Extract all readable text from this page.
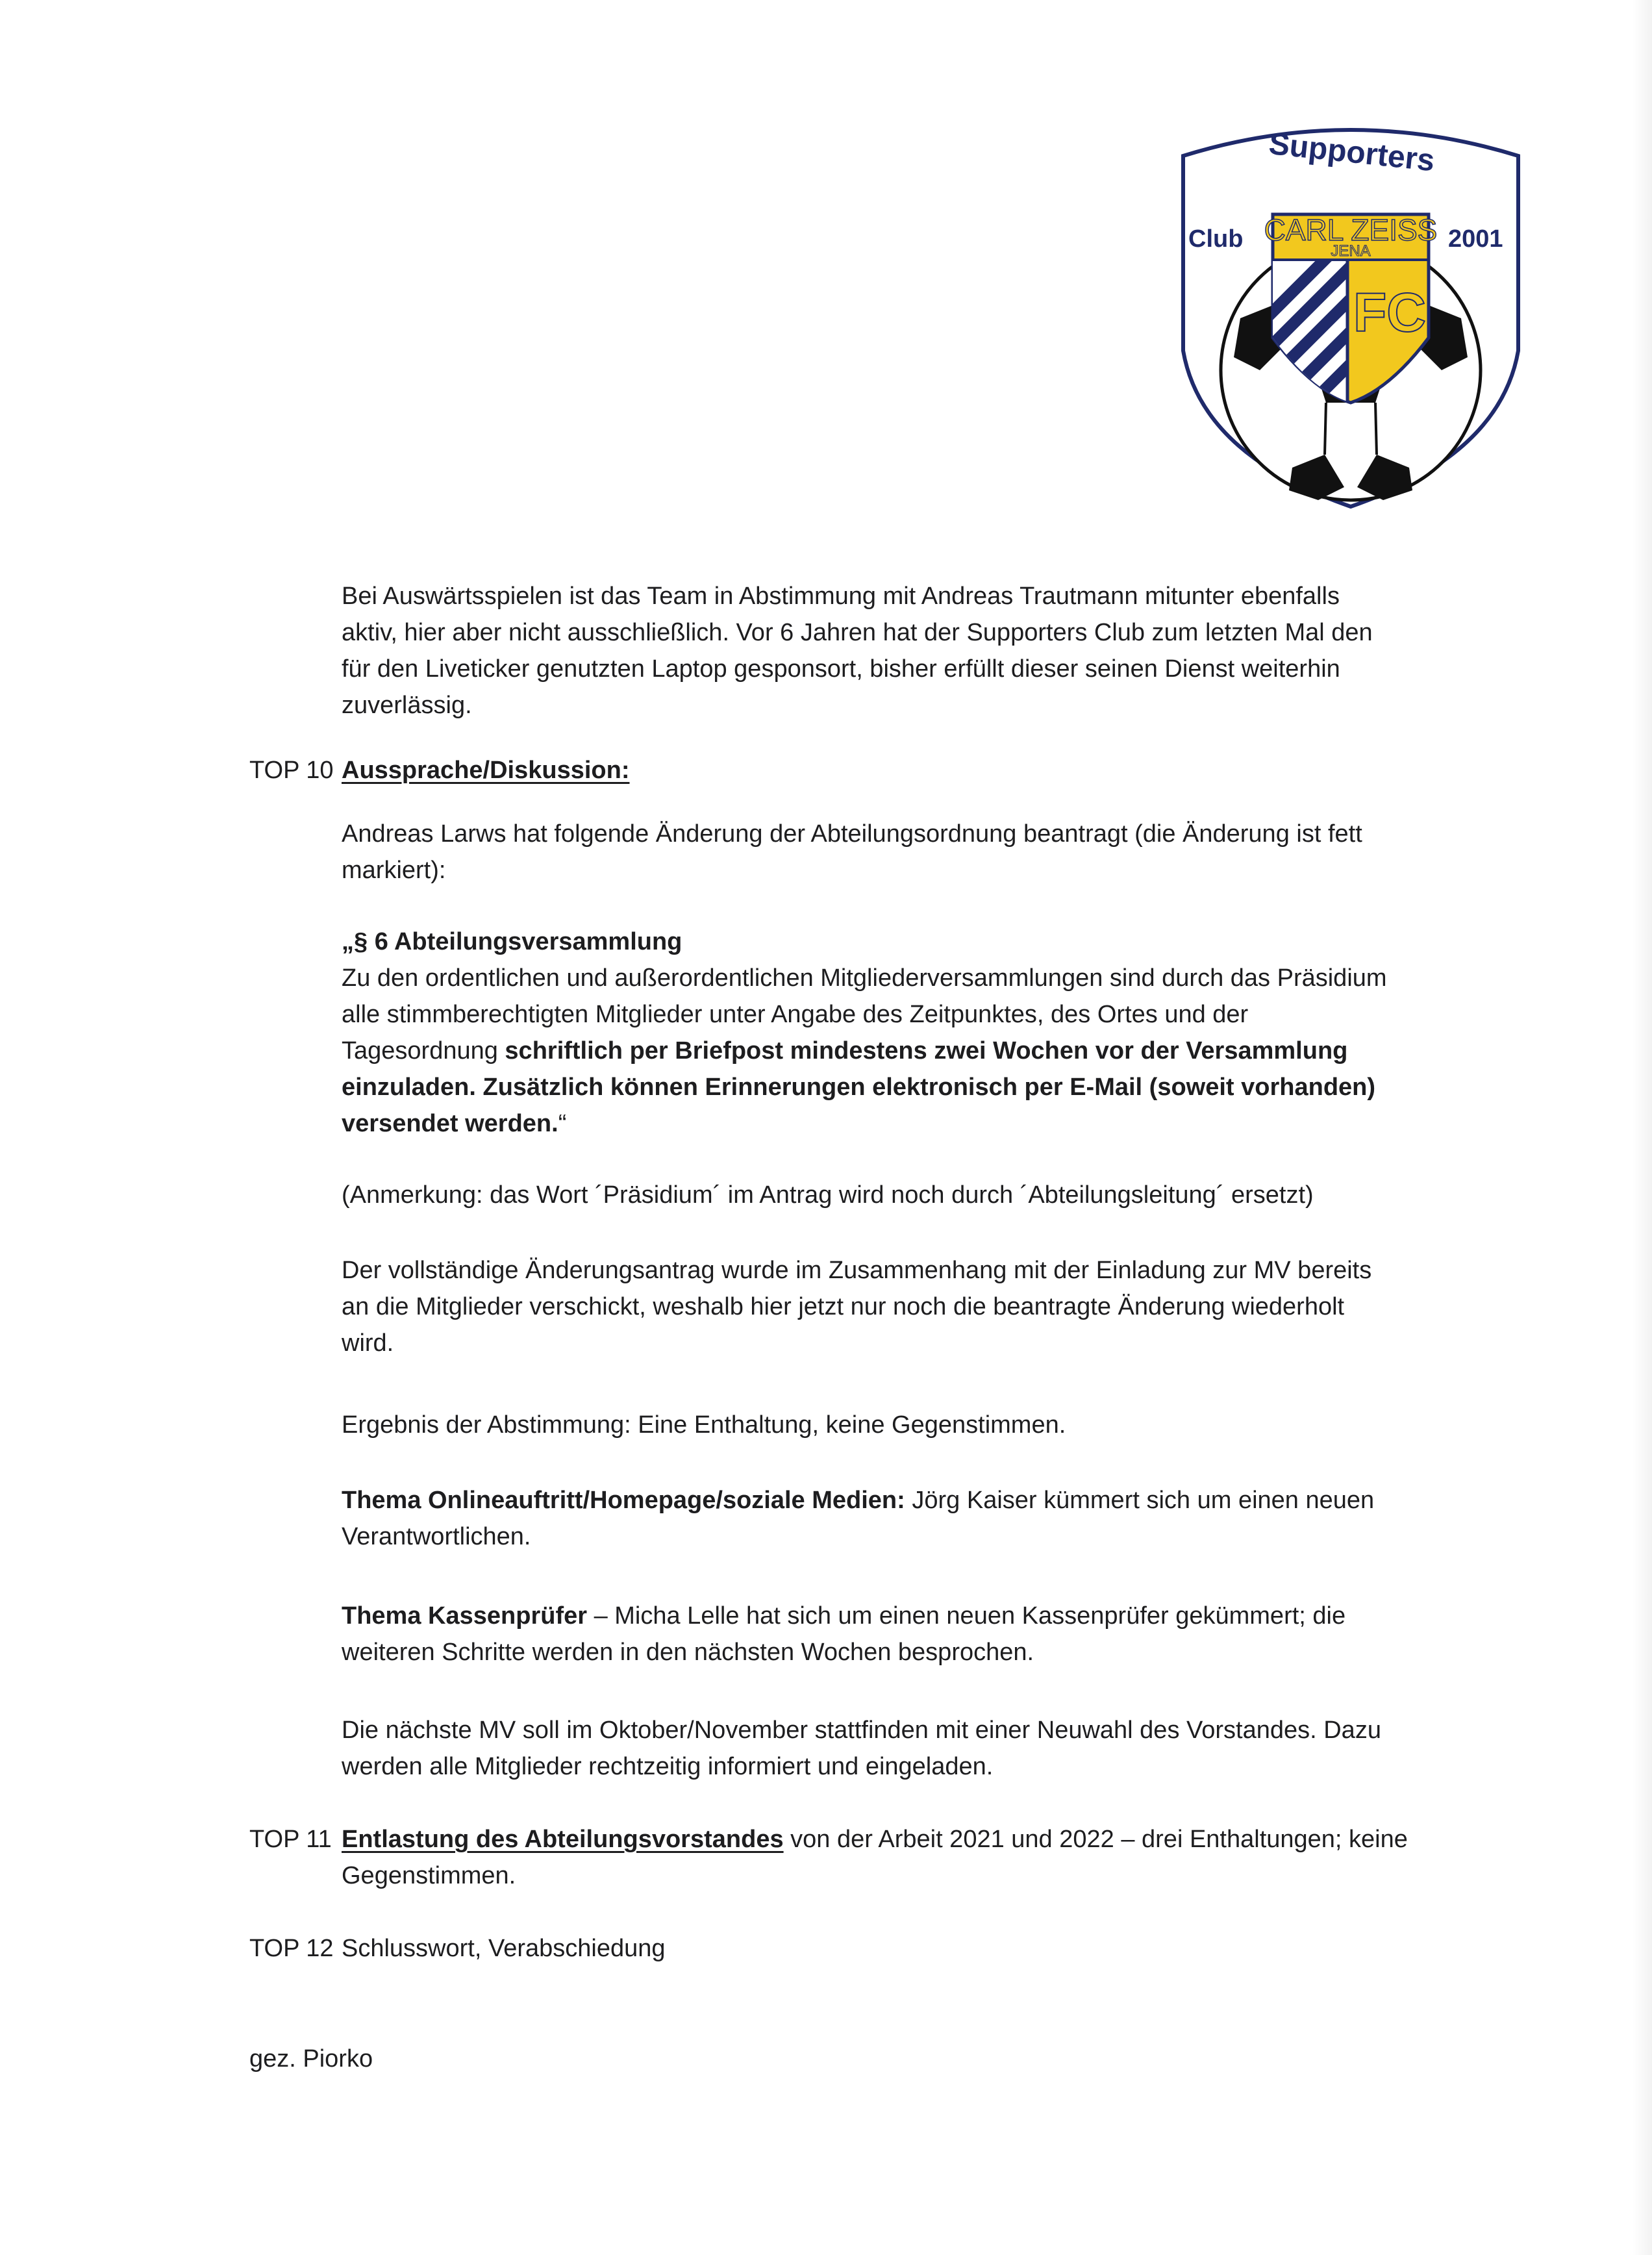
CARL ZEISS
JENA
FC
Supporters
Club	2001
Bei Auswärtsspielen ist das Team in Abstimmung mit Andreas Trautmann mitunter ebenfalls
aktiv, hier aber nicht ausschließlich. Vor 6 Jahren hat der Supporters Club zum letzten Mal den
für den Liveticker genutzten Laptop gesponsort, bisher erfüllt dieser seinen Dienst weiterhin
zuverlässig.
TOP 10 Aussprache/Diskussion:
Andreas Larws hat folgende Änderung der Abteilungsordnung beantragt (die Änderung ist fett
markiert):
„§ 6 Abteilungsversammlung
Zu den ordentlichen und außerordentlichen Mitgliederversammlungen sind durch das Präsidium
alle stimmberechtigten Mitglieder unter Angabe des Zeitpunktes, des Ortes und der
Tagesordnung schriftlich per Briefpost mindestens zwei Wochen vor der Versammlung
einzuladen. Zusätzlich können Erinnerungen elektronisch per E-Mail (soweit vorhanden)
versendet werden.“
(Anmerkung: das Wort ´Präsidium´ im Antrag wird noch durch ´Abteilungsleitung´ ersetzt)
Der vollständige Änderungsantrag wurde im Zusammenhang mit der Einladung zur MV bereits
an die Mitglieder verschickt, weshalb hier jetzt nur noch die beantragte Änderung wiederholt
wird.
Ergebnis der Abstimmung: Eine Enthaltung, keine Gegenstimmen.
Thema Onlineauftritt/Homepage/soziale Medien: Jörg Kaiser kümmert sich um einen neuen
Verantwortlichen.
Thema Kassenprüfer – Micha Lelle hat sich um einen neuen Kassenprüfer gekümmert; die
weiteren Schritte werden in den nächsten Wochen besprochen.
Die nächste MV soll im Oktober/November stattfinden mit einer Neuwahl des Vorstandes. Dazu
werden alle Mitglieder rechtzeitig informiert und eingeladen.
TOP 11 Entlastung des Abteilungsvorstandes von der Arbeit 2021 und 2022 – drei Enthaltungen; keine
Gegenstimmen.
TOP 12 Schlusswort, Verabschiedung
gez. Piorko
